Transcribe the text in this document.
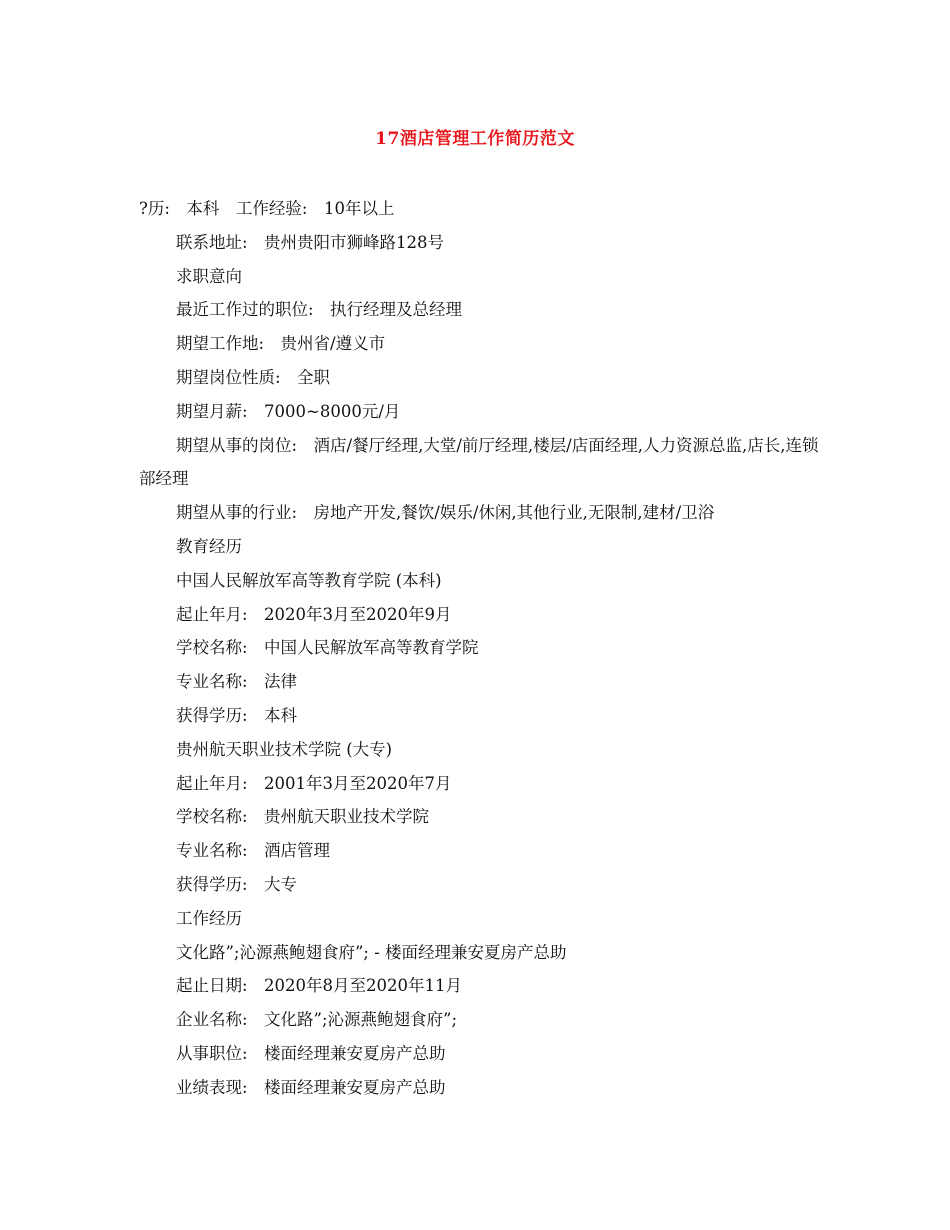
17酒店管理工作简历范文
?历:　本科　工作经验:　10年以上
联系地址:　贵州贵阳市狮峰路128号
求职意向
最近工作过的职位:　执行经理及总经理
期望工作地:　贵州省/遵义市
期望岗位性质:　全职
期望月薪:　7000~8000元/月
期望从事的岗位:　酒店/餐厅经理,大堂/前厅经理,楼层/店面经理,人力资源总监,店长,连锁部经理
期望从事的行业:　房地产开发,餐饮/娱乐/休闲,其他行业,无限制,建材/卫浴
教育经历
中国人民解放军高等教育学院 (本科)
起止年月:　2020年3月至2020年9月
学校名称:　中国人民解放军高等教育学院
专业名称:　法律
获得学历:　本科
贵州航天职业技术学院 (大专)
起止年月:　2001年3月至2020年7月
学校名称:　贵州航天职业技术学院
专业名称:　酒店管理
获得学历:　大专
工作经历
文化路”;沁源燕鲍翅食府”; - 楼面经理兼安夏房产总助
起止日期:　2020年8月至2020年11月
企业名称:　文化路”;沁源燕鲍翅食府”;
从事职位:　楼面经理兼安夏房产总助
业绩表现:　楼面经理兼安夏房产总助
